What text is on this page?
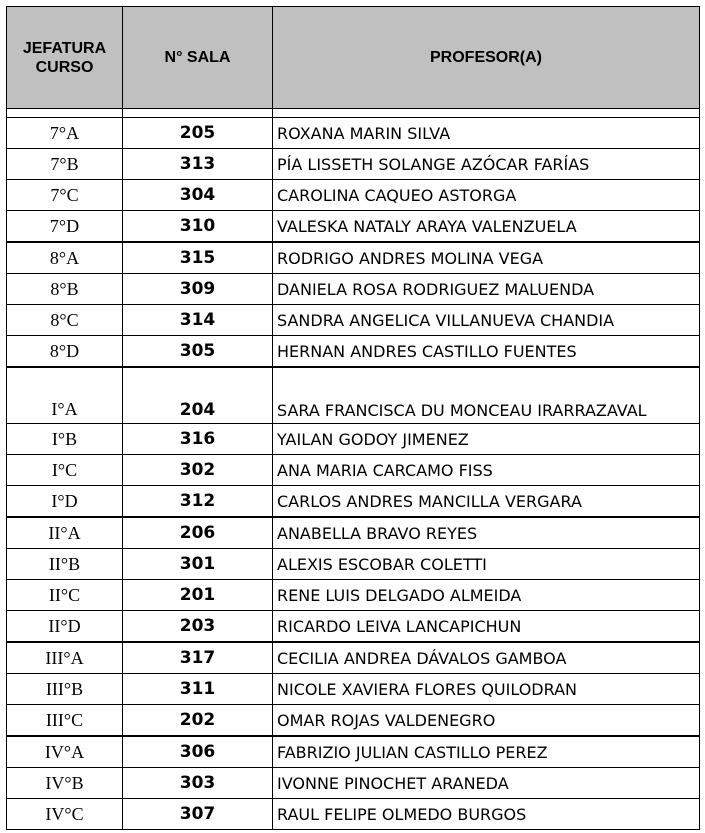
JEFATURA
CURSO	N° SALA	PROFESOR(A)

7°A	205	ROXANA MARIN SILVA
7°B	313	PÍA LISSETH SOLANGE AZÓCAR FARÍAS
7°C	304	CAROLINA CAQUEO ASTORGA
7°D	310	VALESKA NATALY ARAYA VALENZUELA
8°A	315	RODRIGO ANDRES MOLINA VEGA
8°B	309	DANIELA ROSA RODRIGUEZ MALUENDA
8°C	314	SANDRA ANGELICA VILLANUEVA CHANDIA
8°D	305	HERNAN ANDRES CASTILLO FUENTES
I°A	204	SARA FRANCISCA DU MONCEAU IRARRAZAVAL
I°B	316	YAILAN GODOY JIMENEZ
I°C	302	ANA MARIA CARCAMO FISS
I°D	312	CARLOS ANDRES MANCILLA VERGARA
II°A	206	ANABELLA BRAVO REYES
II°B	301	ALEXIS ESCOBAR COLETTI
II°C	201	RENE LUIS DELGADO ALMEIDA
II°D	203	RICARDO LEIVA LANCAPICHUN
III°A	317	CECILIA ANDREA DÁVALOS GAMBOA
III°B	311	NICOLE XAVIERA FLORES QUILODRAN
III°C	202	OMAR ROJAS VALDENEGRO
IV°A	306	FABRIZIO JULIAN CASTILLO PEREZ
IV°B	303	IVONNE PINOCHET ARANEDA
IV°C	307	RAUL FELIPE OLMEDO BURGOS
